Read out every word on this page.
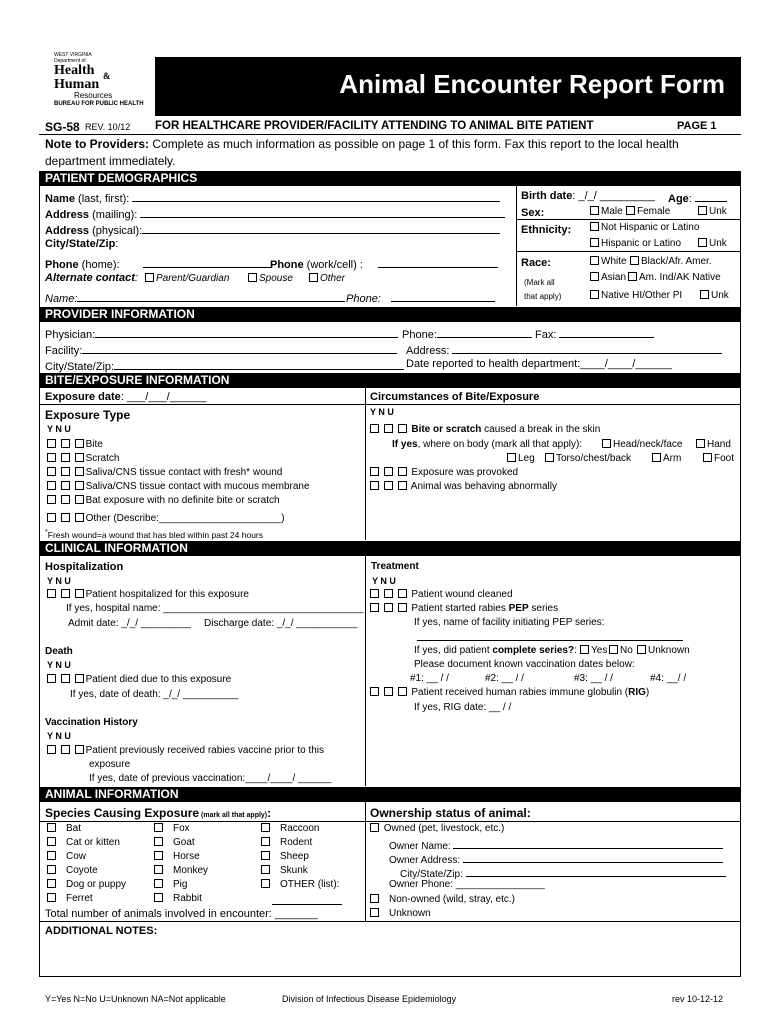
WEST VIRGINIA
Department of
Health &
Human
Resources
BUREAU FOR PUBLIC HEALTH
Animal Encounter Report Form
SG-58 REV. 10/12 FOR HEALTHCARE PROVIDER/FACILITY ATTENDING TO ANIMAL BITE PATIENT	PAGE 1
Note to Providers: Complete as much information as possible on page 1 of this form. Fax this report to the local health
department immediately.
PATIENT DEMOGRAPHICS
Name (last, first):
Address (mailing):
Address (physical):
City/State/Zip:
Phone (home):	Phone (work/cell) :
Alternate contact:	Parent/Guardian	Spouse	Other
Name:	Phone:
Birth date: _/_/ _________ Age:
Sex:	Male	Female	Unk
Ethnicity:	Not Hispanic or Latino
Hispanic or Latino	Unk
Race:
(Mark all
that apply)
White	Black/Afr. Amer.
Asian	Am. Ind/AK Native
Native HI/Other PI	Unk
PROVIDER INFORMATION
Physician:	Phone:	Fax:
Facility:	Address:
City/State/Zip:	Date reported to health department:____/____/______
BITE/EXPOSURE INFORMATION
Exposure date: ___/___/______	Circumstances of Bite/Exposure
Exposure Type
Y N U
Y N U
Bite
Scratch
Saliva/CNS tissue contact with fresh* wound
Saliva/CNS tissue contact with mucous membrane
Bat exposure with no definite bite or scratch
Other (Describe:______________________)
*Fresh wound=a wound that has bled within past 24 hours
Bite or scratch caused a break in the skin
If yes, where on body (mark all that apply):	Head/neck/face	Hand
Leg	Torso/chest/back	Arm	Foot
Exposure was provoked
Animal was behaving abnormally
CLINICAL INFORMATION
Hospitalization
Y N U
Patient hospitalized for this exposure
If yes, hospital name: ____________________________________
Admit date: _/_/ _________ Discharge date: _/_/ ___________
Death
Y N U
Patient died due to this exposure
If yes, date of death: _/_/ __________
Vaccination History
Y N U
Patient previously received rabies vaccine prior to this
exposure
If yes, date of previous vaccination:____/____/ ______
Treatment
Y N U
Patient wound cleaned
Patient started rabies PEP series
If yes, name of facility initiating PEP series:
If yes, did patient complete series?:	Yes	No	Unknown
Please document known vaccination dates below:
#1: __ / /	#2: __ / /	#3: __ / /	#4: __/ /
Patient received human rabies immune globulin (RIG)
If yes, RIG date: __ / /
ANIMAL INFORMATION
Species Causing Exposure (mark all that apply):	Ownership status of animal:
Bat
Cat or kitten
Cow
Coyote
Dog or puppy
Ferret
Fox
Goat
Horse
Monkey
Pig
Rabbit
Raccoon
Rodent
Sheep
Skunk
OTHER (list):
Total number of animals involved in encounter: _______
Owned (pet, livestock, etc.)
Owner Name:
Owner Address:
City/State/Zip:
Owner Phone: ________________
Non-owned (wild, stray, etc.)
Unknown
ADDITIONAL NOTES:
Y=Yes N=No U=Unknown NA=Not applicable	Division of Infectious Disease Epidemiology	rev 10-12-12
